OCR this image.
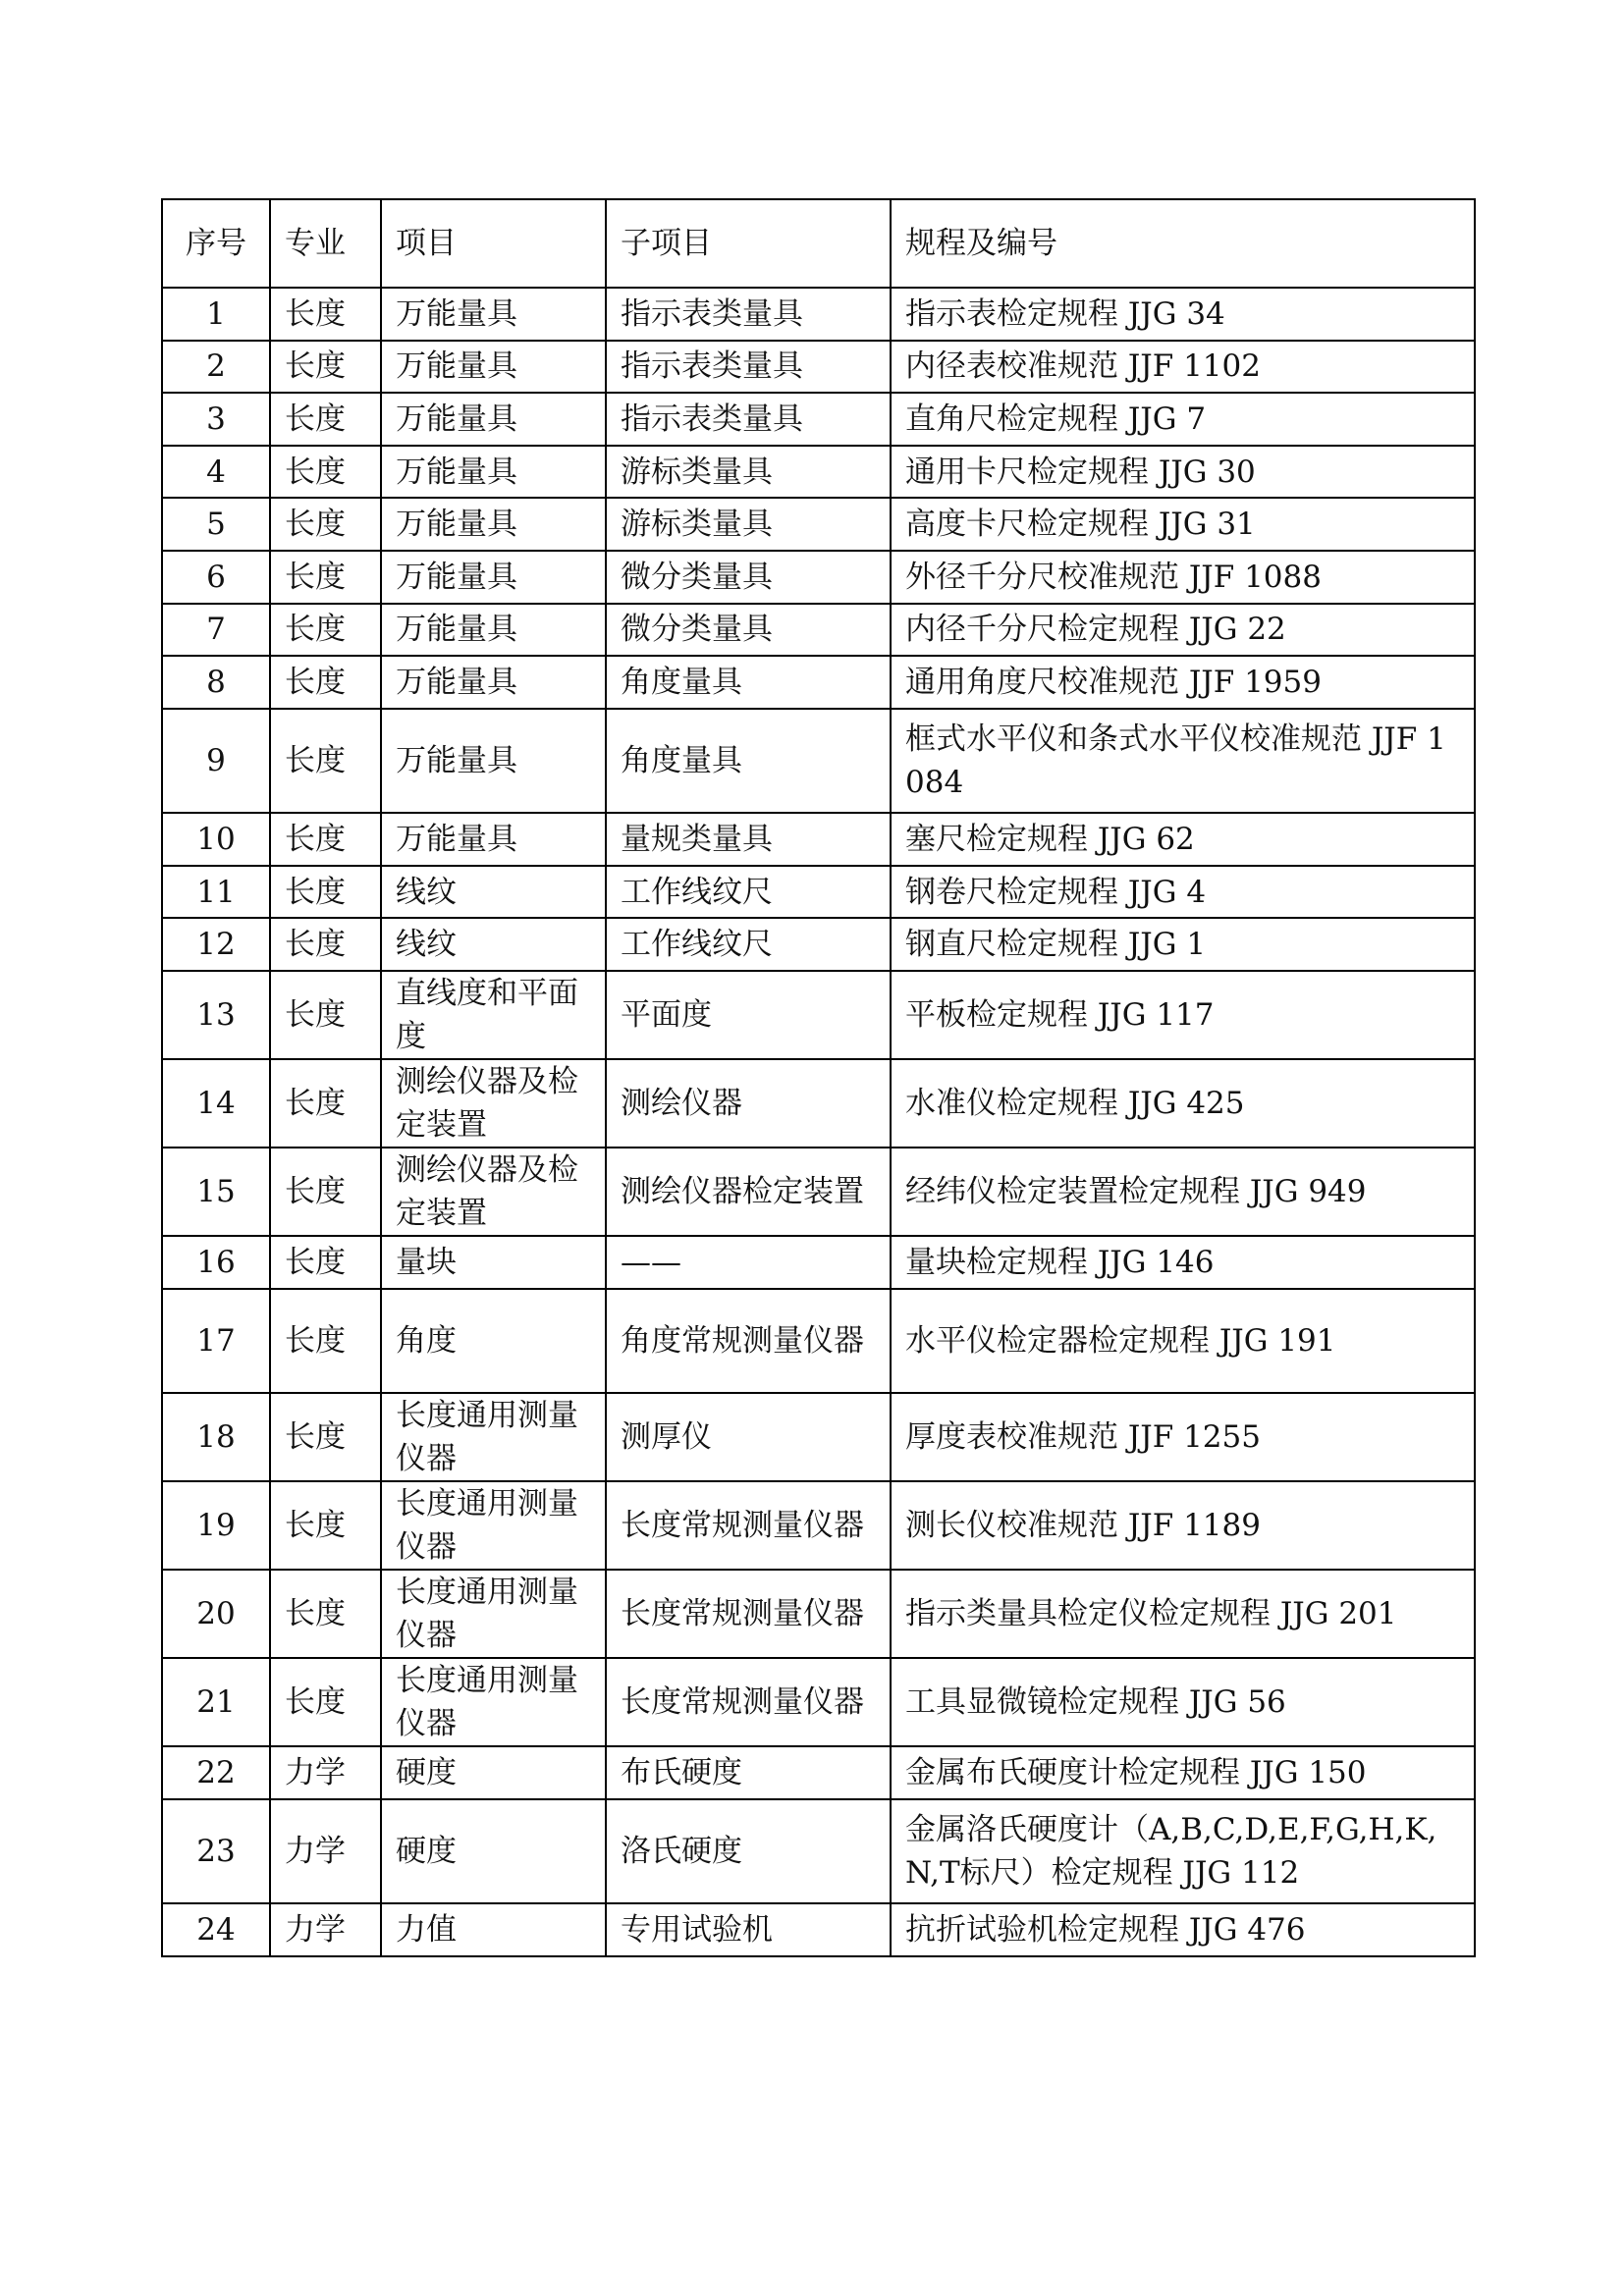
序号	专业	项目	子项目	规程及编号
1	长度	万能量具	指示表类量具	指示表检定规程 JJG 34
2	长度	万能量具	指示表类量具	内径表校准规范 JJF 1102
3	长度	万能量具	指示表类量具	直角尺检定规程 JJG 7
4	长度	万能量具	游标类量具	通用卡尺检定规程 JJG 30
5	长度	万能量具	游标类量具	高度卡尺检定规程 JJG 31
6	长度	万能量具	微分类量具	外径千分尺校准规范 JJF 1088
7	长度	万能量具	微分类量具	内径千分尺检定规程 JJG 22
8	长度	万能量具	角度量具	通用角度尺校准规范 JJF 1959
9	长度	万能量具	角度量具	框式水平仪和条式水平仪校准规范 JJF 1084
10	长度	万能量具	量规类量具	塞尺检定规程 JJG 62
11	长度	线纹	工作线纹尺	钢卷尺检定规程 JJG 4
12	长度	线纹	工作线纹尺	钢直尺检定规程 JJG 1
13	长度	直线度和平面度	平面度	平板检定规程 JJG 117
14	长度	测绘仪器及检定装置	测绘仪器	水准仪检定规程 JJG 425
15	长度	测绘仪器及检定装置	测绘仪器检定装置	经纬仪检定装置检定规程 JJG 949
16	长度	量块	——	量块检定规程 JJG 146
17	长度	角度	角度常规测量仪器	水平仪检定器检定规程 JJG 191
18	长度	长度通用测量仪器	测厚仪	厚度表校准规范 JJF 1255
19	长度	长度通用测量仪器	长度常规测量仪器	测长仪校准规范 JJF 1189
20	长度	长度通用测量仪器	长度常规测量仪器	指示类量具检定仪检定规程 JJG 201
21	长度	长度通用测量仪器	长度常规测量仪器	工具显微镜检定规程 JJG 56
22	力学	硬度	布氏硬度	金属布氏硬度计检定规程 JJG 150
23	力学	硬度	洛氏硬度	金属洛氏硬度计（A,B,C,D,E,F,G,H,K,N,T标尺）检定规程 JJG 112
24	力学	力值	专用试验机	抗折试验机检定规程 JJG 476
